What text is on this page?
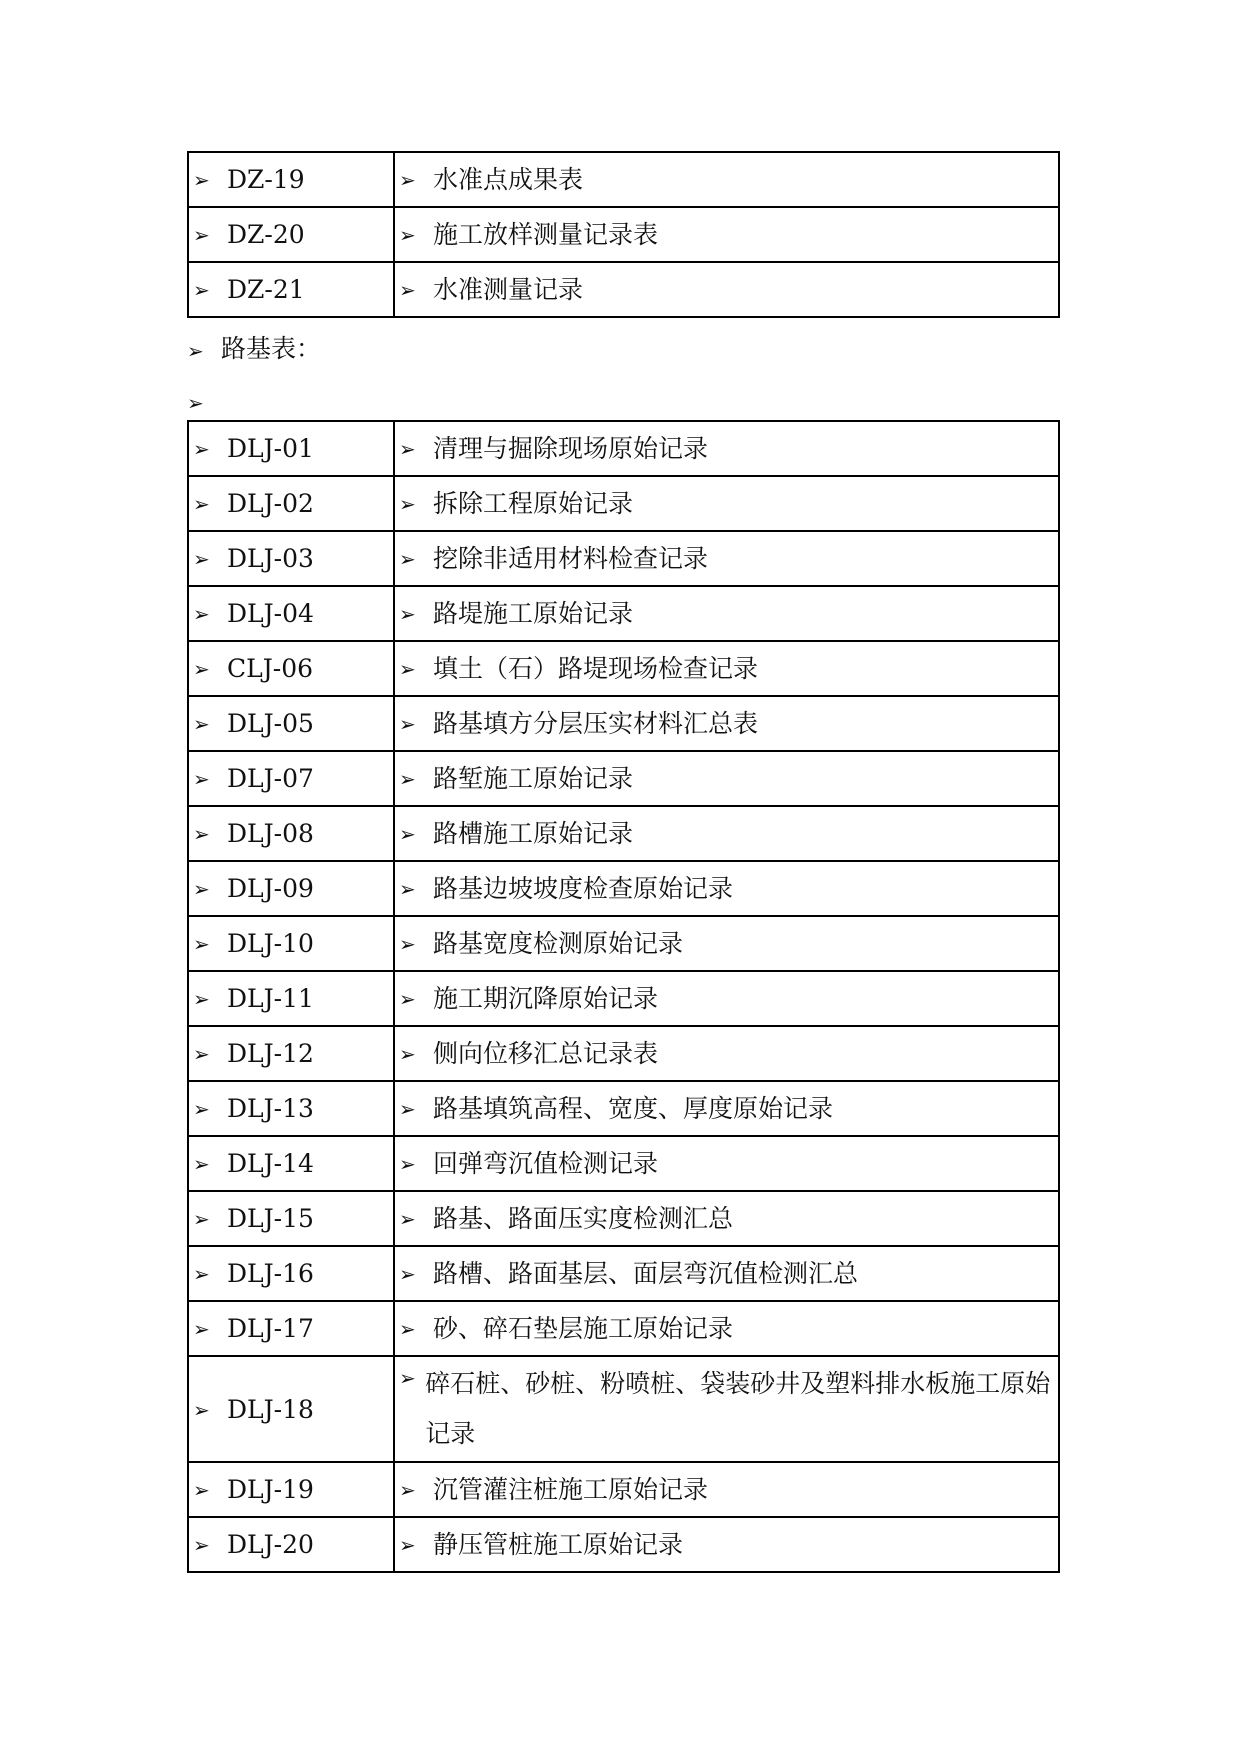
➢ DZ-19	➢ 水准点成果表
➢ DZ-20	➢ 施工放样测量记录表
➢ DZ-21	➢ 水准测量记录
➢ 路基表：
➢
➢ DLJ-01	➢ 清理与掘除现场原始记录
➢ DLJ-02	➢ 拆除工程原始记录
➢ DLJ-03	➢ 挖除非适用材料检查记录
➢ DLJ-04	➢ 路堤施工原始记录
➢ CLJ-06	➢ 填土（石）路堤现场检查记录
➢ DLJ-05	➢ 路基填方分层压实材料汇总表
➢ DLJ-07	➢ 路堑施工原始记录
➢ DLJ-08	➢ 路槽施工原始记录
➢ DLJ-09	➢ 路基边坡坡度检查原始记录
➢ DLJ-10	➢ 路基宽度检测原始记录
➢ DLJ-11	➢ 施工期沉降原始记录
➢ DLJ-12	➢ 侧向位移汇总记录表
➢ DLJ-13	➢ 路基填筑高程、宽度、厚度原始记录
➢ DLJ-14	➢ 回弹弯沉值检测记录
➢ DLJ-15	➢ 路基、路面压实度检测汇总
➢ DLJ-16	➢ 路槽、路面基层、面层弯沉值检测汇总
➢ DLJ-17	➢ 砂、碎石垫层施工原始记录
➢ DLJ-18	➢ 碎石桩、砂桩、粉喷桩、袋装砂井及塑料排水板施工原始记录

➢ DLJ-19	➢ 沉管灌注桩施工原始记录
➢ DLJ-20	➢ 静压管桩施工原始记录
